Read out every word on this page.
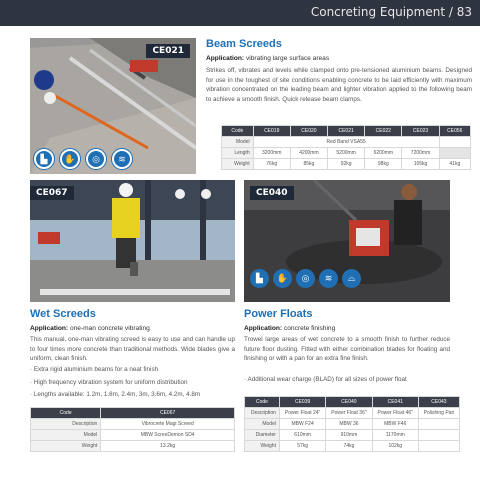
Concreting Equipment / 83
CE021
▙	✋	◎	≋
Beam Screeds
Application: vibrating large surface areas
Strikes off, vibrates and levels while clamped onto pre-tensioned aluminium beams. Designed for use in the toughest of site conditions enabling concrete to be laid efficiently with maximum vibration concentrated on the leading beam and lighter vibration applied to the following beam to achieve a smooth finish. Quick release beam clamps.
Code	CE019	CE020	CE021	CE022	CE023	CE056
Model	Red Band VSA55					
Length	3200mm	4200mm	5200mm	6200mm	7200mm	
Weight	76kg	85kg	92kg	98kg	105kg	41kg
CE067	CE040
▙	✋	◎	≋	⌓
Wet Screeds
Application: one-man concrete vibrating
This manual, one-man vibrating screed is easy to use and can handle up to four times more concrete than traditional methods. Wide blades give a uniform, clean finish.
· Extra rigid aluminium beams for a neat finish
· High frequency vibration system for uniform distribution
· Lengths available: 1.2m, 1.8m, 2.4m, 3m, 3.6m, 4.2m, 4.8m
Code	CE067
Description	Vibrocrete Magi Screed
Model	MBW ScreeDemon SD4
Weight	13.2kg
Power Floats
Application: concrete finishing
Trowel large areas of wet concrete to a smooth finish to further reduce future floor dusting. Fitted with either combination blades for floating and finishing or with a pan for an extra fine finish.
· Additional wear charge (BLAD) for all sizes of power float
Code	CE039	CE040	CE041	CE043
Description	Power Float 24"	Power Float 36"	Power Float 46"	Polishing Pan
Model	MBW F24	MBW 36	MBW F46	
Diameter	610mm	910mm	1170mm	
Weight	57kg	74kg	102kg	
